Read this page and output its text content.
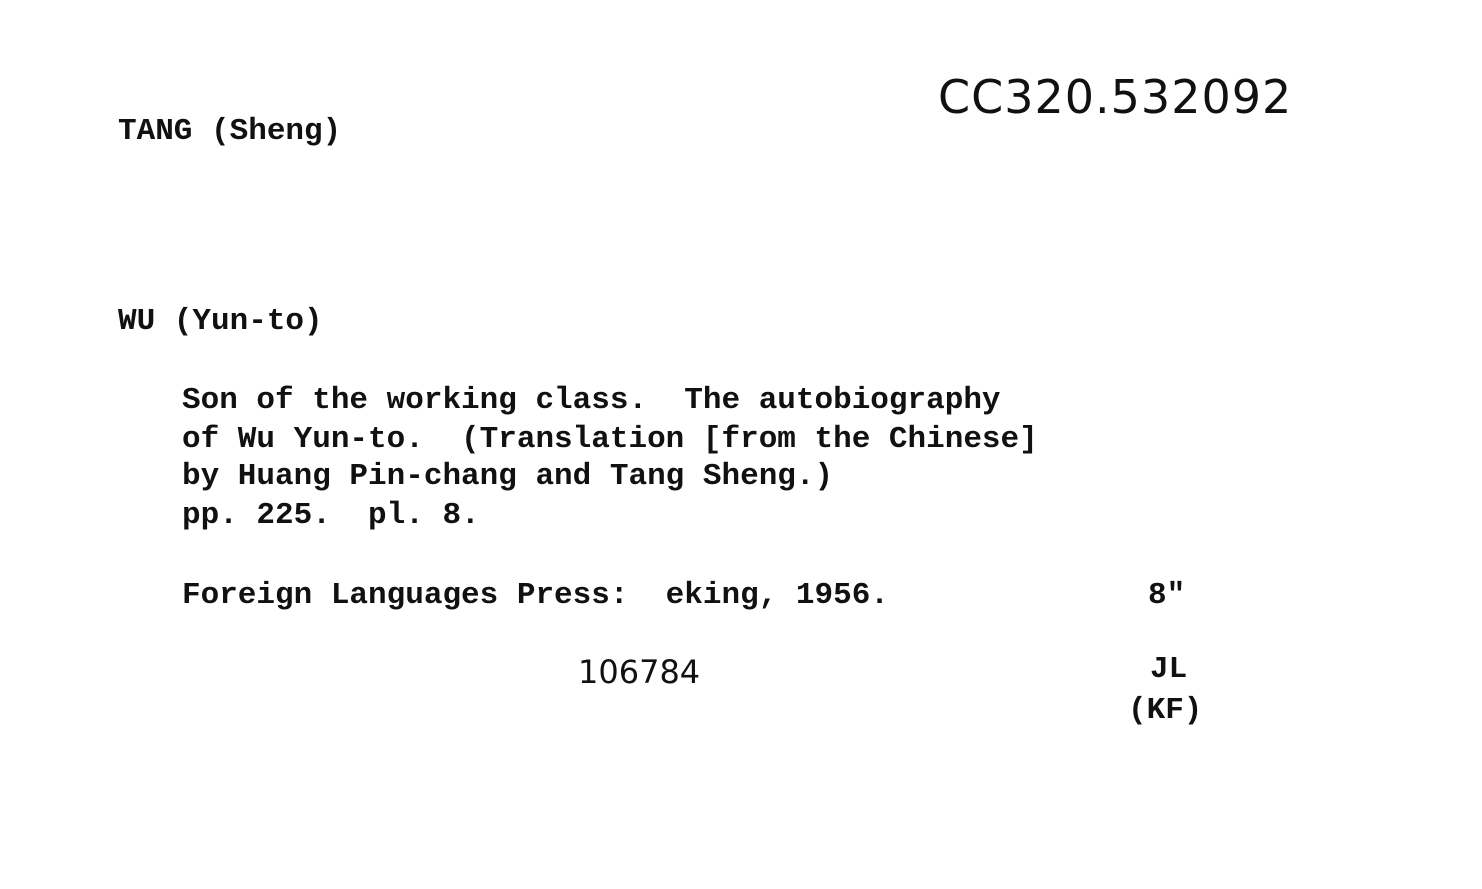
CC320.532092
TANG (Sheng)
WU (Yun-to)
Son of the working class.  The autobiography
of Wu Yun-to.  (Translation [from the Chinese]
by Huang Pin-chang and Tang Sheng.)
pp. 225.  pl. 8.
Foreign Languages Press:  eking, 1956.	8"
106784	JL
(KF)
